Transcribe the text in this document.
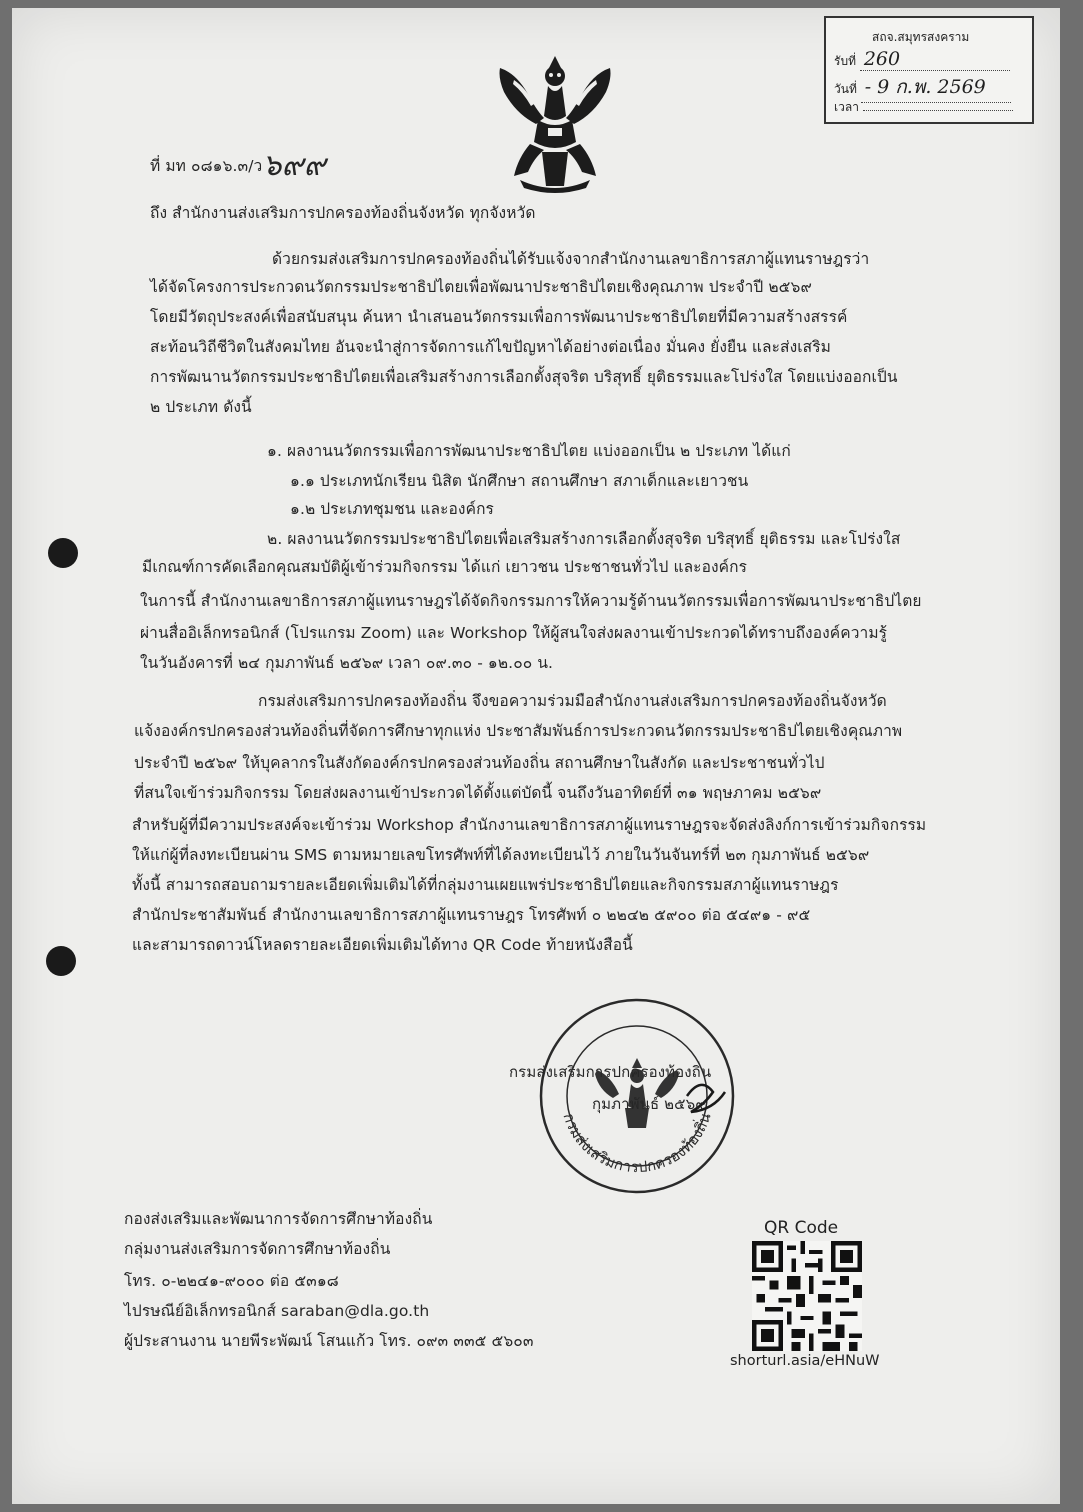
สถจ.สมุทรสงคราม
รับที่ 260
วันที่ - 9 ก.พ. 2569
เวลา
ที่ มท ๐๘๑๖.๓/ว๖๙๙
ถึง สำนักงานส่งเสริมการปกครองท้องถิ่นจังหวัด ทุกจังหวัด
ด้วยกรมส่งเสริมการปกครองท้องถิ่นได้รับแจ้งจากสำนักงานเลขาธิการสภาผู้แทนราษฎรว่า
ได้จัดโครงการประกวดนวัตกรรมประชาธิปไตยเพื่อพัฒนาประชาธิปไตยเชิงคุณภาพ ประจำปี ๒๕๖๙
โดยมีวัตถุประสงค์เพื่อสนับสนุน ค้นหา นำเสนอนวัตกรรมเพื่อการพัฒนาประชาธิปไตยที่มีความสร้างสรรค์
สะท้อนวิถีชีวิตในสังคมไทย อันจะนำสู่การจัดการแก้ไขปัญหาได้อย่างต่อเนื่อง มั่นคง ยั่งยืน และส่งเสริม
การพัฒนานวัตกรรมประชาธิปไตยเพื่อเสริมสร้างการเลือกตั้งสุจริต บริสุทธิ์ ยุติธรรมและโปร่งใส โดยแบ่งออกเป็น
๒ ประเภท ดังนี้
๑. ผลงานนวัตกรรมเพื่อการพัฒนาประชาธิปไตย แบ่งออกเป็น ๒ ประเภท ได้แก่
๑.๑ ประเภทนักเรียน นิสิต นักศึกษา สถานศึกษา สภาเด็กและเยาวชน
๑.๒ ประเภทชุมชน และองค์กร
๒. ผลงานนวัตกรรมประชาธิปไตยเพื่อเสริมสร้างการเลือกตั้งสุจริต บริสุทธิ์ ยุติธรรม และโปร่งใส
มีเกณฑ์การคัดเลือกคุณสมบัติผู้เข้าร่วมกิจกรรม ได้แก่ เยาวชน ประชาชนทั่วไป และองค์กร
ในการนี้ สำนักงานเลขาธิการสภาผู้แทนราษฎรได้จัดกิจกรรมการให้ความรู้ด้านนวัตกรรมเพื่อการพัฒนาประชาธิปไตย
ผ่านสื่ออิเล็กทรอนิกส์ (โปรแกรม Zoom) และ Workshop ให้ผู้สนใจส่งผลงานเข้าประกวดได้ทราบถึงองค์ความรู้
ในวันอังคารที่ ๒๔ กุมภาพันธ์ ๒๕๖๙ เวลา ๐๙.๓๐ - ๑๒.๐๐ น.
กรมส่งเสริมการปกครองท้องถิ่น จึงขอความร่วมมือสำนักงานส่งเสริมการปกครองท้องถิ่นจังหวัด
แจ้งองค์กรปกครองส่วนท้องถิ่นที่จัดการศึกษาทุกแห่ง ประชาสัมพันธ์การประกวดนวัตกรรมประชาธิปไตยเชิงคุณภาพ
ประจำปี ๒๕๖๙ ให้บุคลากรในสังกัดองค์กรปกครองส่วนท้องถิ่น สถานศึกษาในสังกัด และประชาชนทั่วไป
ที่สนใจเข้าร่วมกิจกรรม โดยส่งผลงานเข้าประกวดได้ตั้งแต่บัดนี้ จนถึงวันอาทิตย์ที่ ๓๑ พฤษภาคม ๒๕๖๙
สำหรับผู้ที่มีความประสงค์จะเข้าร่วม Workshop สำนักงานเลขาธิการสภาผู้แทนราษฎรจะจัดส่งลิงก์การเข้าร่วมกิจกรรม
ให้แก่ผู้ที่ลงทะเบียนผ่าน SMS ตามหมายเลขโทรศัพท์ที่ได้ลงทะเบียนไว้ ภายในวันจันทร์ที่ ๒๓ กุมภาพันธ์ ๒๕๖๙
ทั้งนี้ สามารถสอบถามรายละเอียดเพิ่มเติมได้ที่กลุ่มงานเผยแพร่ประชาธิปไตยและกิจกรรมสภาผู้แทนราษฎร
สำนักประชาสัมพันธ์ สำนักงานเลขาธิการสภาผู้แทนราษฎร โทรศัพท์ ๐ ๒๒๔๒ ๕๙๐๐ ต่อ ๕๔๙๑ - ๙๕
และสามารถดาวน์โหลดรายละเอียดเพิ่มเติมได้ทาง QR Code ท้ายหนังสือนี้
กรมส่งเสริมการปกครองท้องถิ่น
กรมส่งเสริมการปกครองท้องถิ่น
กุมภาพันธ์ ๒๕๖๙
กองส่งเสริมและพัฒนาการจัดการศึกษาท้องถิ่น
กลุ่มงานส่งเสริมการจัดการศึกษาท้องถิ่น
โทร. ๐-๒๒๔๑-๙๐๐๐ ต่อ ๕๓๑๘
ไปรษณีย์อิเล็กทรอนิกส์ saraban@dla.go.th
ผู้ประสานงาน นายพีระพัฒน์ โสนแก้ว โทร. ๐๙๓ ๓๓๕ ๕๖๐๓
QR Code
shorturl.asia/eHNuW
